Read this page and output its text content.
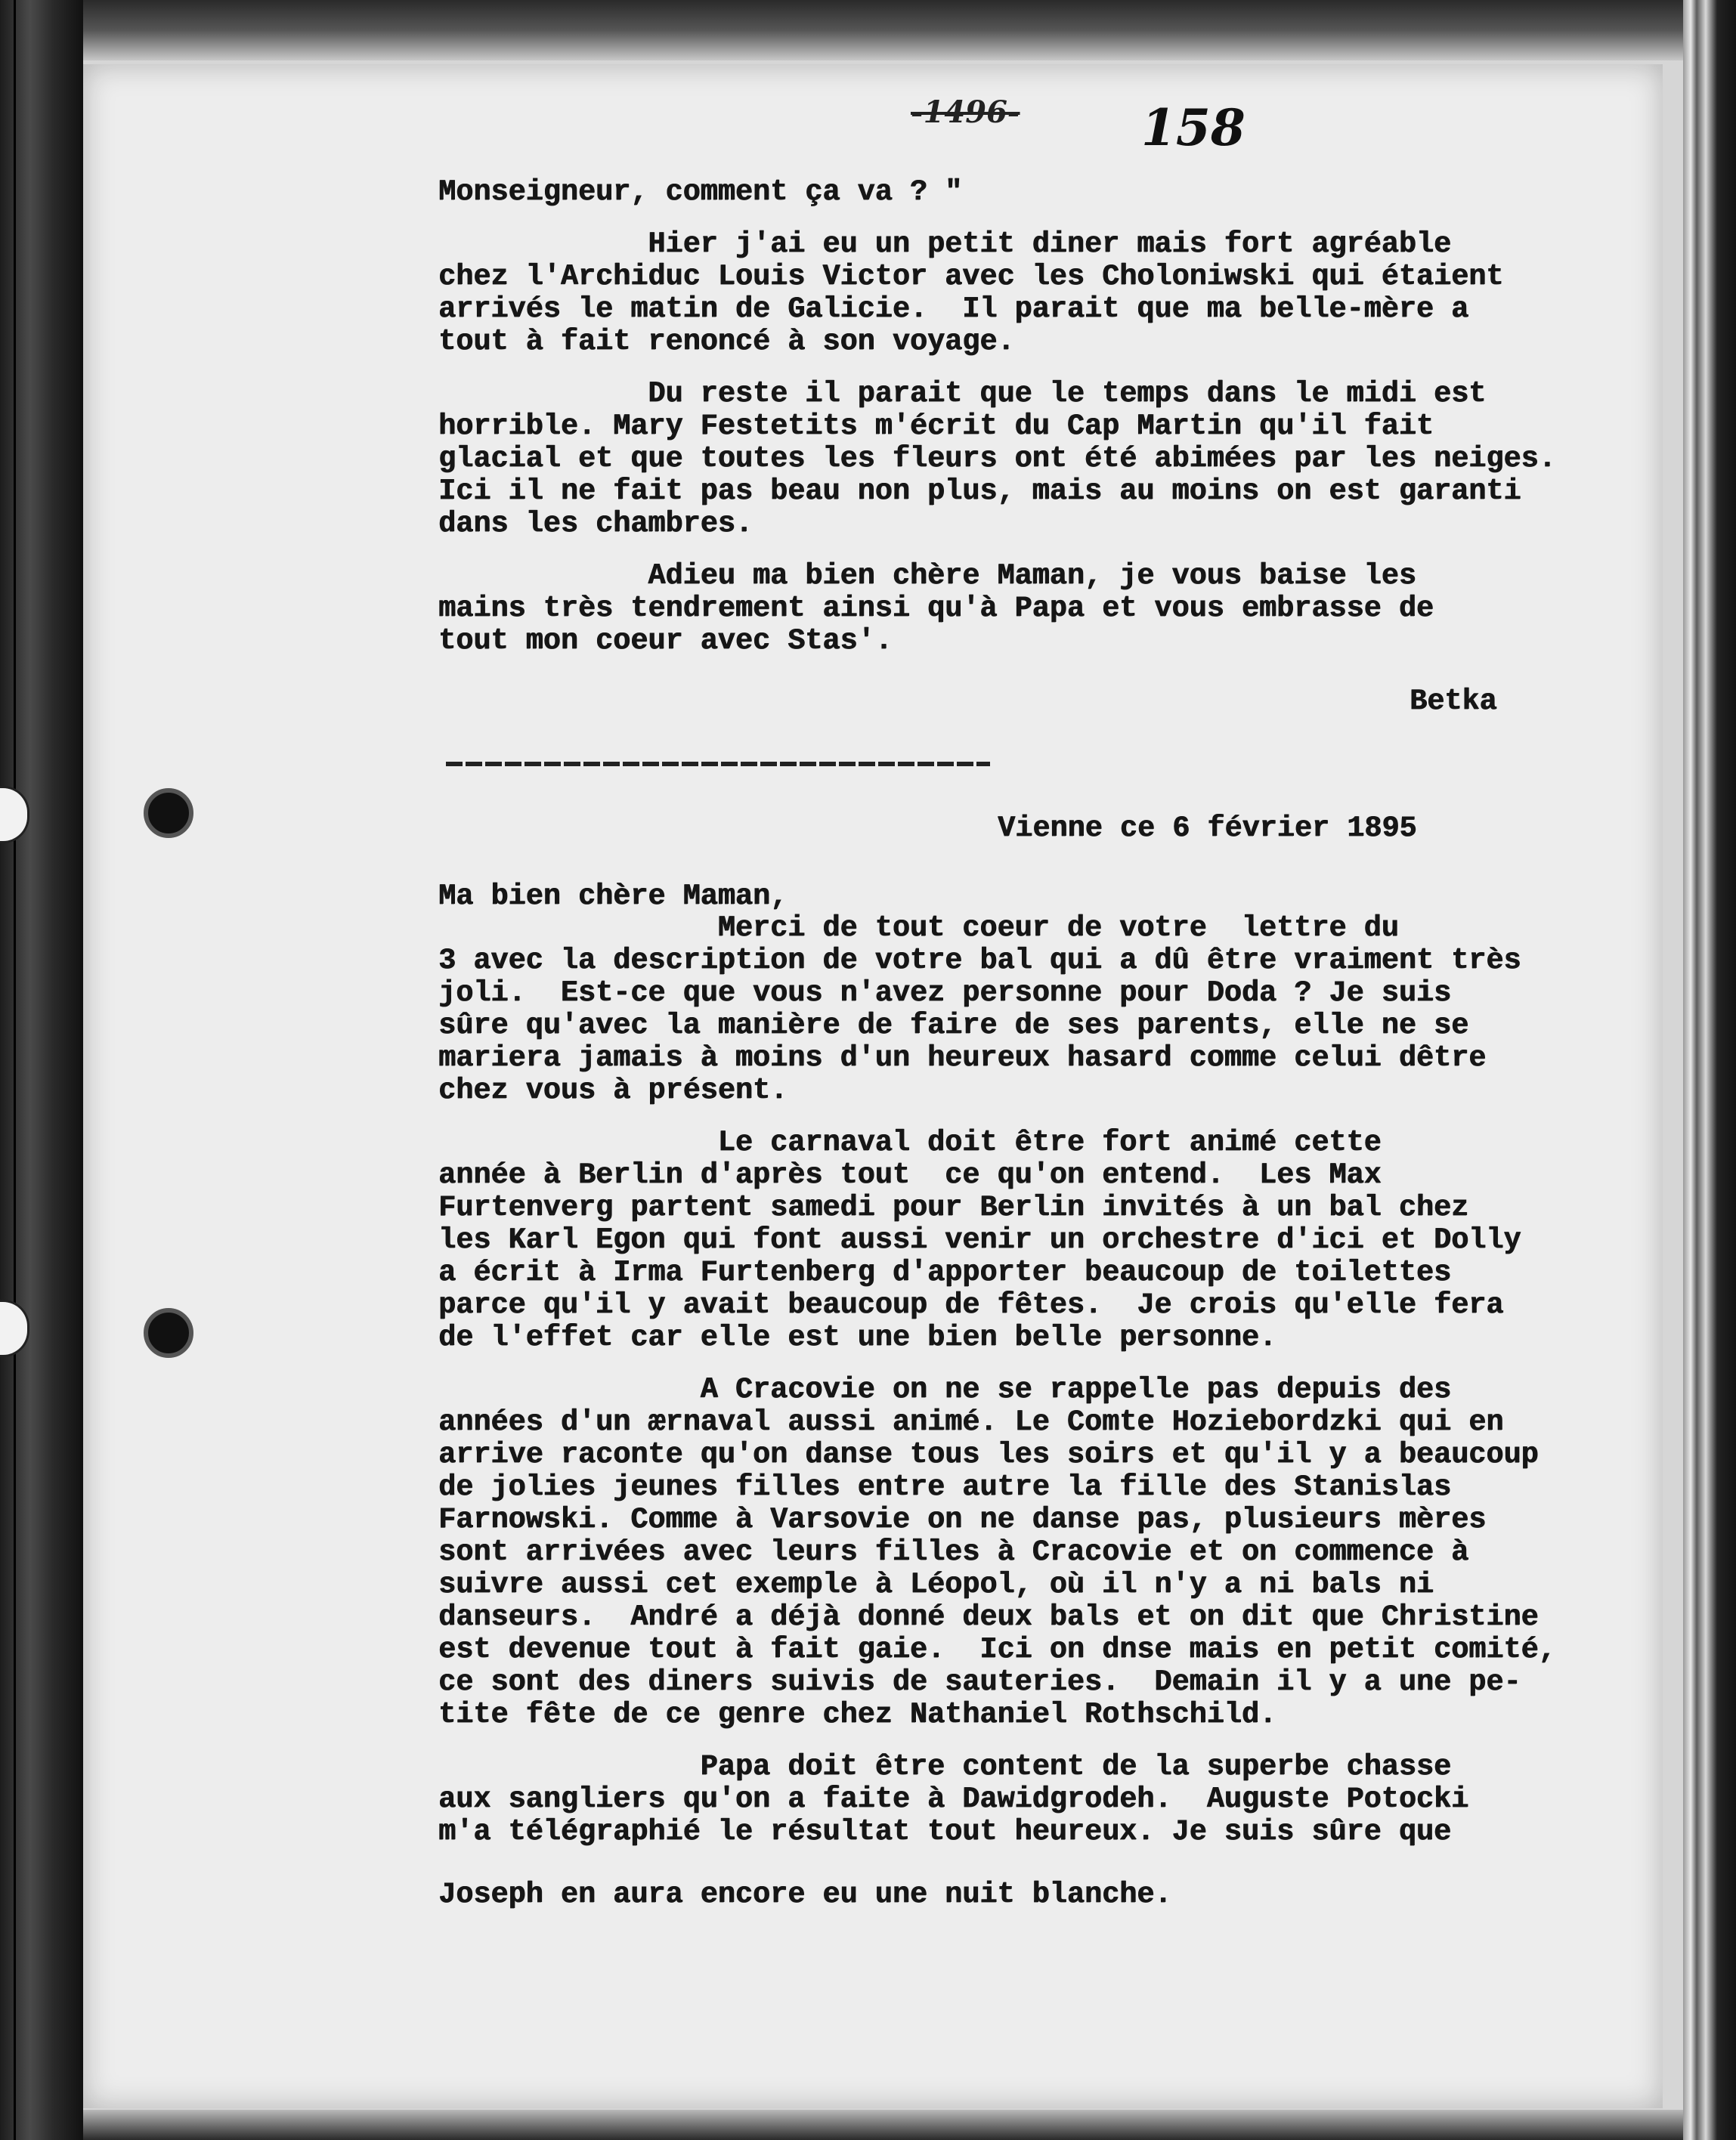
-1496- 158
Monseigneur, comment ça va ? "
Hier j'ai eu un petit diner mais fort agréable
chez l'Archiduc Louis Victor avec les Choloniwski qui étaient
arrivés le matin de Galicie.  Il parait que ma belle-mère a
tout à fait renoncé à son voyage.
Du reste il parait que le temps dans le midi est
horrible. Mary Festetits m'écrit du Cap Martin qu'il fait
glacial et que toutes les fleurs ont été abimées par les neiges.
Ici il ne fait pas beau non plus, mais au moins on est garanti
dans les chambres.
Adieu ma bien chère Maman, je vous baise les
mains très tendrement ainsi qu'à Papa et vous embrasse de
tout mon coeur avec Stas'.
Betka
Vienne ce 6 février 1895
Ma bien chère Maman,
Merci de tout coeur de votre  lettre du
3 avec la description de votre bal qui a dû être vraiment très
joli.  Est-ce que vous n'avez personne pour Doda ? Je suis
sûre qu'avec la manière de faire de ses parents, elle ne se
mariera jamais à moins d'un heureux hasard comme celui dêtre
chez vous à présent.
Le carnaval doit être fort animé cette
année à Berlin d'après tout  ce qu'on entend.  Les Max
Furtenverg partent samedi pour Berlin invités à un bal chez
les Karl Egon qui font aussi venir un orchestre d'ici et Dolly
a écrit à Irma Furtenberg d'apporter beaucoup de toilettes
parce qu'il y avait beaucoup de fêtes.  Je crois qu'elle fera
de l'effet car elle est une bien belle personne.
A Cracovie on ne se rappelle pas depuis des
années d'un ærnaval aussi animé. Le Comte Hoziebordzki qui en
arrive raconte qu'on danse tous les soirs et qu'il y a beaucoup
de jolies jeunes filles entre autre la fille des Stanislas
Farnowski. Comme à Varsovie on ne danse pas, plusieurs mères
sont arrivées avec leurs filles à Cracovie et on commence à
suivre aussi cet exemple à Léopol, où il n'y a ni bals ni
danseurs.  André a déjà donné deux bals et on dit que Christine
est devenue tout à fait gaie.  Ici on dnse mais en petit comité,
ce sont des diners suivis de sauteries.  Demain il y a une pe-
tite fête de ce genre chez Nathaniel Rothschild.
Papa doit être content de la superbe chasse
aux sangliers qu'on a faite à Dawidgrodeh.  Auguste Potocki
m'a télégraphié le résultat tout heureux. Je suis sûre que
Joseph en aura encore eu une nuit blanche.
